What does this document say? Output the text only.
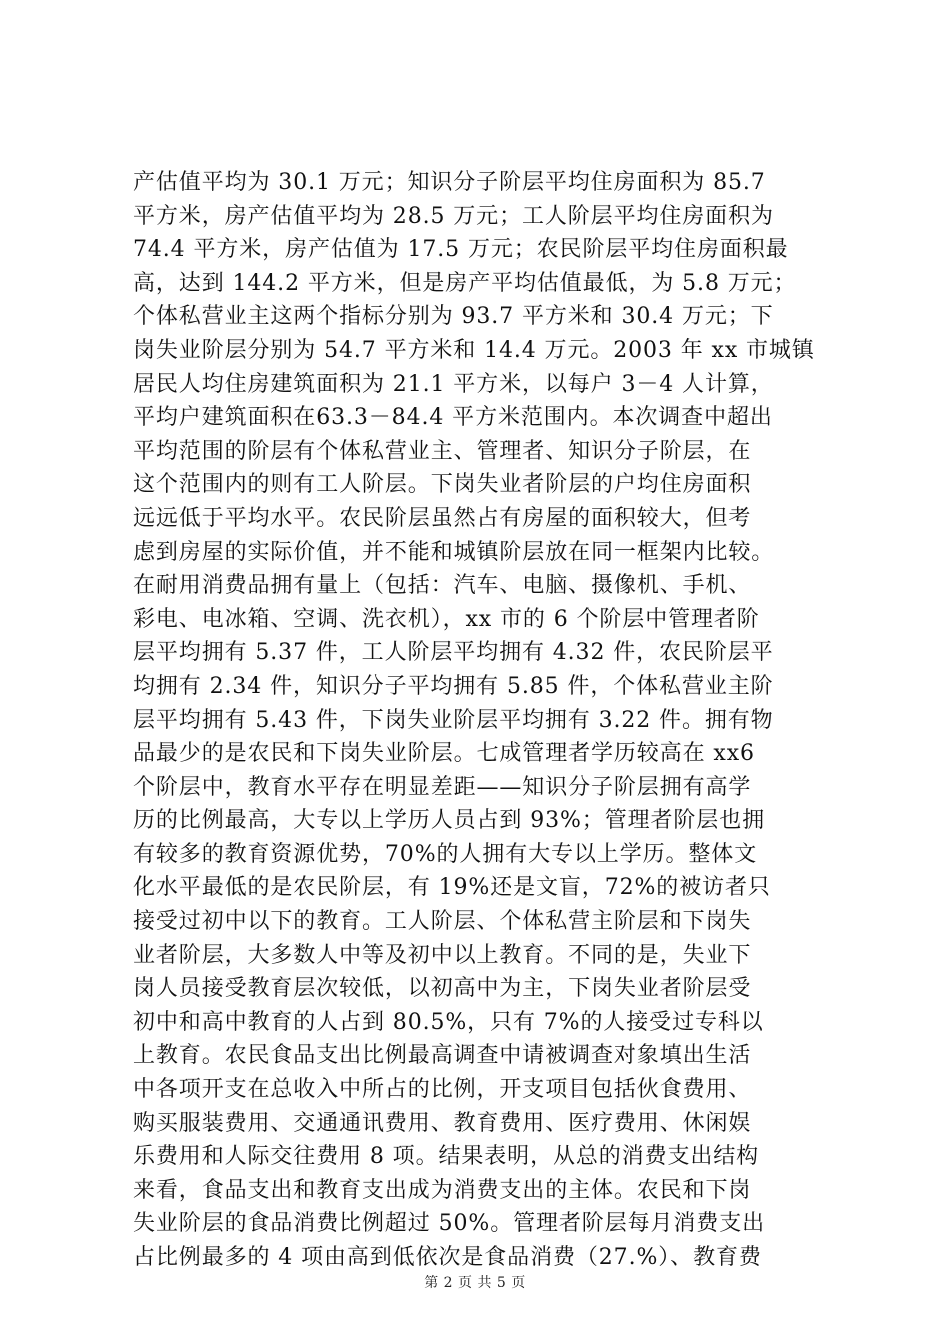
产估值平均为 30.1 万元；知识分子阶层平均住房面积为 85.7
平方米，房产估值平均为 28.5 万元；工人阶层平均住房面积为
74.4 平方米，房产估值为 17.5 万元；农民阶层平均住房面积最
高，达到 144.2 平方米，但是房产平均估值最低，为 5.8 万元；
个体私营业主这两个指标分别为 93.7 平方米和 30.4 万元；下
岗失业阶层分别为 54.7 平方米和 14.4 万元。2003 年 xx 市城镇
居民人均住房建筑面积为 21.1 平方米，以每户 3－4 人计算，
平均户建筑面积在63.3－84.4 平方米范围内。本次调查中超出
平均范围的阶层有个体私营业主、管理者、知识分子阶层，在
这个范围内的则有工人阶层。下岗失业者阶层的户均住房面积
远远低于平均水平。农民阶层虽然占有房屋的面积较大，但考
虑到房屋的实际价值，并不能和城镇阶层放在同一框架内比较。
在耐用消费品拥有量上（包括：汽车、电脑、摄像机、手机、
彩电、电冰箱、空调、洗衣机），xx 市的 6 个阶层中管理者阶
层平均拥有 5.37 件，工人阶层平均拥有 4.32 件，农民阶层平
均拥有 2.34 件，知识分子平均拥有 5.85 件，个体私营业主阶
层平均拥有 5.43 件，下岗失业阶层平均拥有 3.22 件。拥有物
品最少的是农民和下岗失业阶层。七成管理者学历较高在 xx6
个阶层中，教育水平存在明显差距——知识分子阶层拥有高学
历的比例最高，大专以上学历人员占到 93%；管理者阶层也拥
有较多的教育资源优势，70%的人拥有大专以上学历。整体文
化水平最低的是农民阶层，有 19%还是文盲，72%的被访者只
接受过初中以下的教育。工人阶层、个体私营主阶层和下岗失
业者阶层，大多数人中等及初中以上教育。不同的是，失业下
岗人员接受教育层次较低，以初高中为主，下岗失业者阶层受
初中和高中教育的人占到 80.5%，只有 7%的人接受过专科以
上教育。农民食品支出比例最高调查中请被调查对象填出生活
中各项开支在总收入中所占的比例，开支项目包括伙食费用、
购买服装费用、交通通讯费用、教育费用、医疗费用、休闲娱
乐费用和人际交往费用 8 项。结果表明，从总的消费支出结构
来看，食品支出和教育支出成为消费支出的主体。农民和下岗
失业阶层的食品消费比例超过 50%。管理者阶层每月消费支出
占比例最多的 4 项由高到低依次是食品消费（27.%）、教育费
第 2 页 共 5 页
